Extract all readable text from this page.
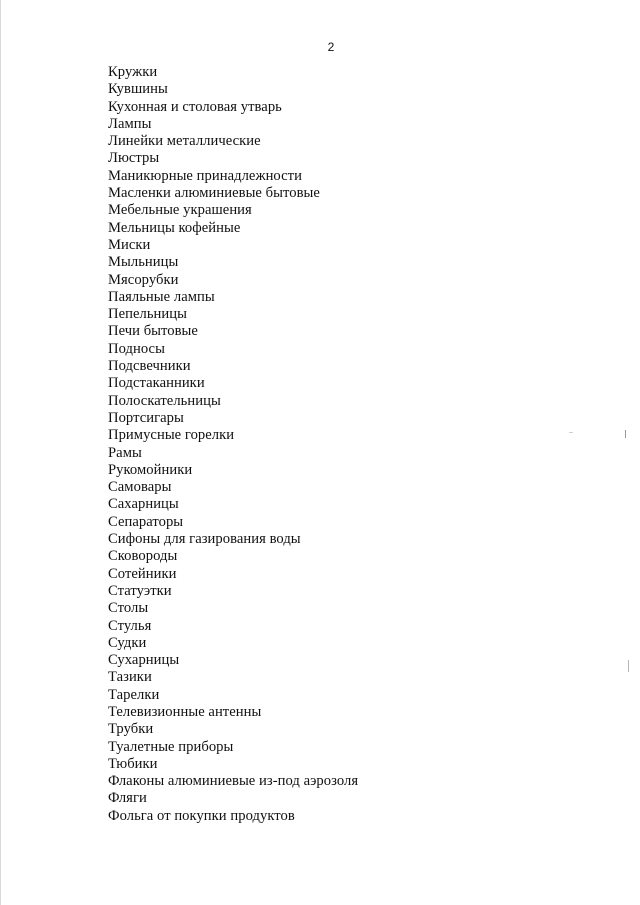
2
Кружки
Кувшины
Кухонная и столовая утварь
Лампы
Линейки металлические
Люстры
Маникюрные принадлежности
Масленки алюминиевые бытовые
Мебельные украшения
Мельницы кофейные
Миски
Мыльницы
Мясорубки
Паяльные лампы
Пепельницы
Печи бытовые
Подносы
Подсвечники
Подстаканники
Полоскательницы
Портсигары
Примусные горелки
Рамы
Рукомойники
Самовары
Сахарницы
Сепараторы
Сифоны для газирования воды
Сковороды
Сотейники
Статуэтки
Столы
Стулья
Судки
Сухарницы
Тазики
Тарелки
Телевизионные антенны
Трубки
Туалетные приборы
Тюбики
Флаконы алюминиевые из-под аэрозоля
Фляги
Фольга от покупки продуктов
